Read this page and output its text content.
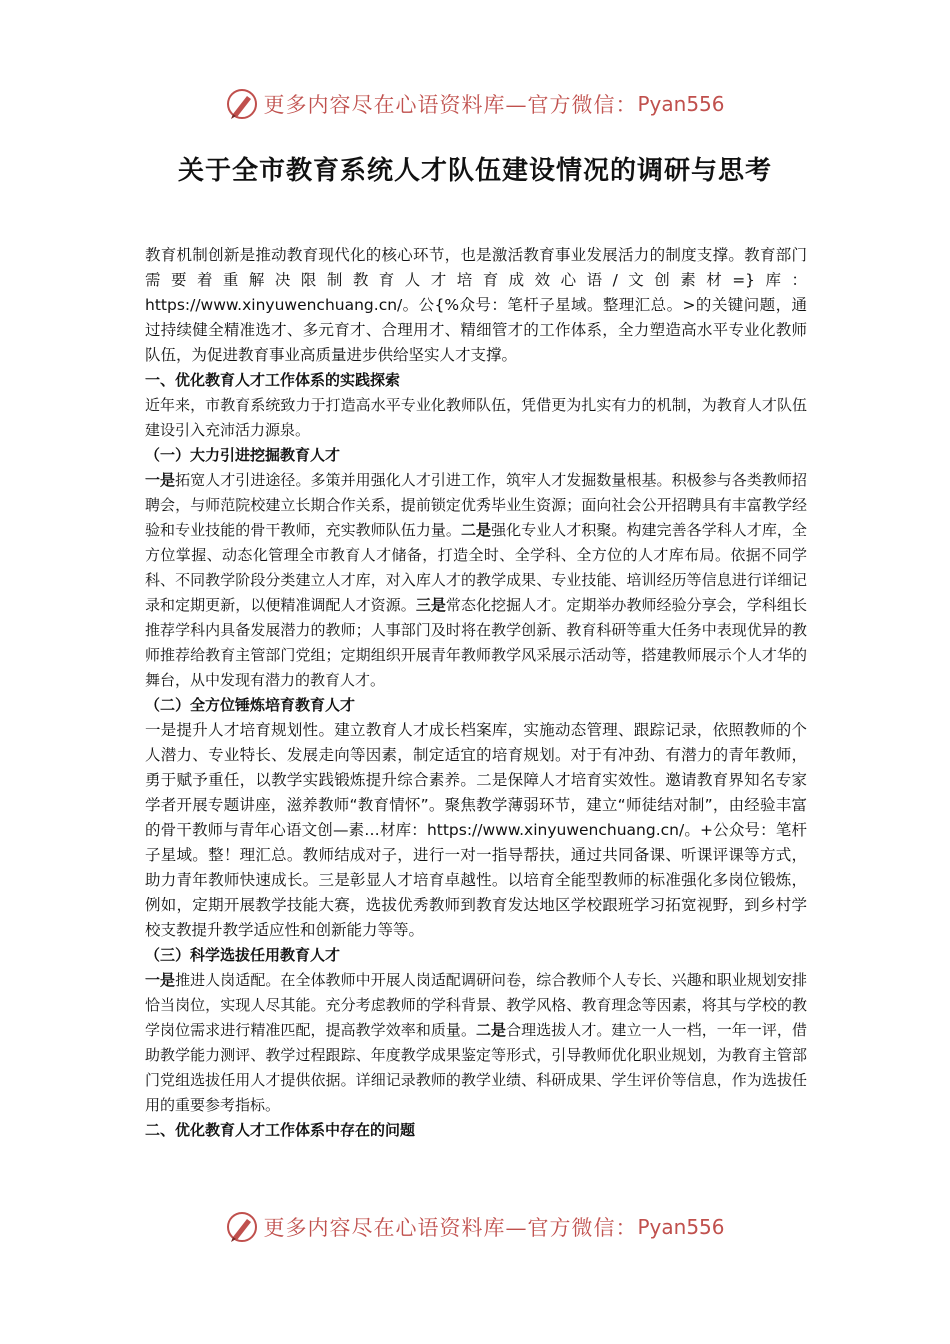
更多内容尽在心语资料库—官方微信： Pyan556
关于全市教育系统人才队伍建设情况的调研与思考

教育机制创新是推动教育现代化的核心环节，也是激活教育事业发展活力的制度支撑。教育部门需要着重解决限制教育人才培育成效心语/文创素材=}库：https://www.xinyuwenchuang.cn/。公{%众号：笔杆子星域。整理汇总。>的关键问题，通过持续健全精准选才、多元育才、合理用才、精细管才的工作体系，全力塑造高水平专业化教师队伍，为促进教育事业高质量进步供给坚实人才支撑。

一、优化教育人才工作体系的实践探索

近年来，市教育系统致力于打造高水平专业化教师队伍，凭借更为扎实有力的机制，为教育人才队伍建设引入充沛活力源泉。

（一）大力引进挖掘教育人才

一是拓宽人才引进途径。多策并用强化人才引进工作，筑牢人才发掘数量根基。积极参与各类教师招聘会，与师范院校建立长期合作关系，提前锁定优秀毕业生资源；面向社会公开招聘具有丰富教学经验和专业技能的骨干教师，充实教师队伍力量。二是强化专业人才积聚。构建完善各学科人才库，全方位掌握、动态化管理全市教育人才储备，打造全时、全学科、全方位的人才库布局。依据不同学科、不同教学阶段分类建立人才库，对入库人才的教学成果、专业技能、培训经历等信息进行详细记录和定期更新，以便精准调配人才资源。三是常态化挖掘人才。定期举办教师经验分享会，学科组长推荐学科内具备发展潜力的教师；人事部门及时将在教学创新、教育科研等重大任务中表现优异的教师推荐给教育主管部门党组；定期组织开展青年教师教学风采展示活动等，搭建教师展示个人才华的舞台，从中发现有潜力的教育人才。

（二）全方位锤炼培育教育人才

一是提升人才培育规划性。建立教育人才成长档案库，实施动态管理、跟踪记录，依照教师的个人潜力、专业特长、发展走向等因素，制定适宜的培育规划。对于有冲劲、有潜力的青年教师，勇于赋予重任，以教学实践锻炼提升综合素养。二是保障人才培育实效性。邀请教育界知名专家学者开展专题讲座，滋养教师“教育情怀”。聚焦教学薄弱环节，建立“师徒结对制”，由经验丰富的骨干教师与青年心语文创—素…材库：https://www.xinyuwenchuang.cn/。+公众号：笔杆子星域。整！理汇总。教师结成对子，进行一对一指导帮扶，通过共同备课、听课评课等方式，助力青年教师快速成长。三是彰显人才培育卓越性。以培育全能型教师的标准强化多岗位锻炼，例如，定期开展教学技能大赛，选拔优秀教师到教育发达地区学校跟班学习拓宽视野，到乡村学校支教提升教学适应性和创新能力等等。

（三）科学选拔任用教育人才

一是推进人岗适配。在全体教师中开展人岗适配调研问卷，综合教师个人专长、兴趣和职业规划安排恰当岗位，实现人尽其能。充分考虑教师的学科背景、教学风格、教育理念等因素，将其与学校的教学岗位需求进行精准匹配，提高教学效率和质量。二是合理选拔人才。建立一人一档，一年一评，借助教学能力测评、教学过程跟踪、年度教学成果鉴定等形式，引导教师优化职业规划，为教育主管部门党组选拔任用人才提供依据。详细记录教师的教学业绩、科研成果、学生评价等信息，作为选拔任用的重要参考指标。

二、优化教育人才工作体系中存在的问题
更多内容尽在心语资料库—官方微信： Pyan556
